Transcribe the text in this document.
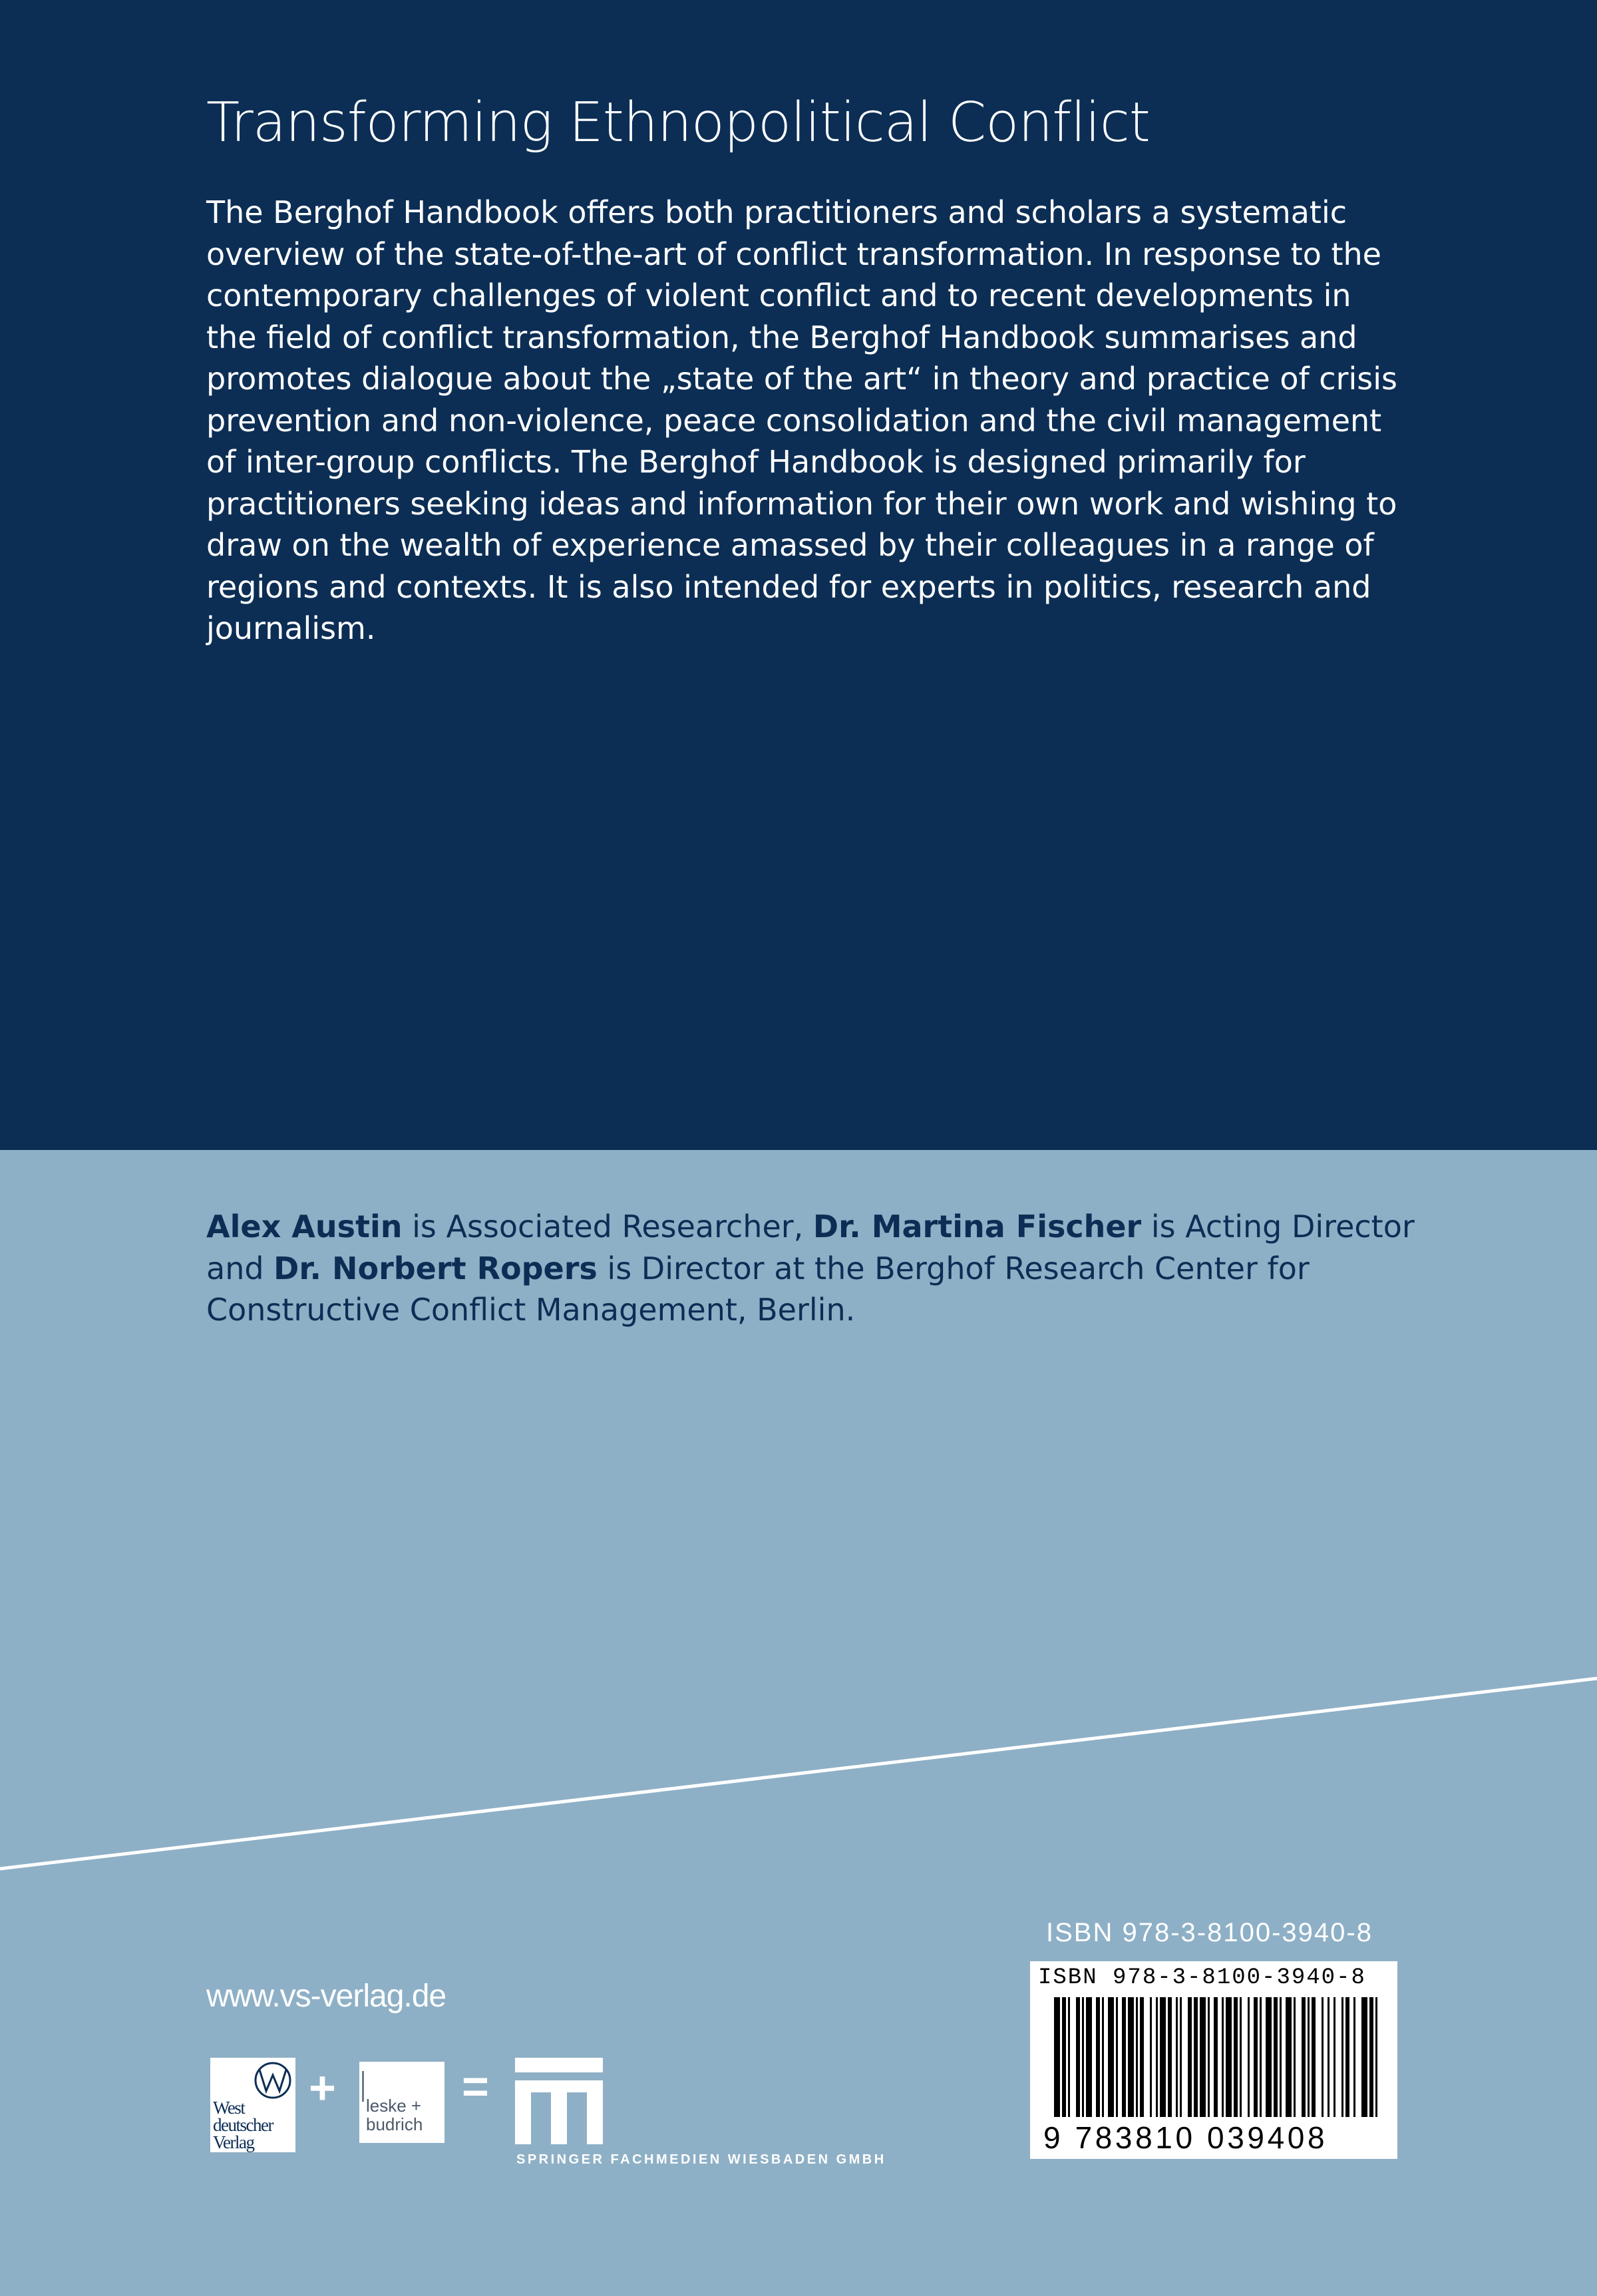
Transforming Ethnopolitical Conflict
The Berghof Handbook offers both practitioners and scholars a systematic overview of the state-of-the-art of conflict transformation. In response to the contemporary challenges of violent conflict and to recent developments in the field of conflict transformation, the Berghof Handbook summarises and promotes dialogue about the „state of the art“ in theory and practice of crisis prevention and non-violence, peace consolidation and the civil management of inter-group conflicts. The Berghof Handbook is designed primarily for practitioners seeking ideas and information for their own work and wishing to draw on the wealth of experience amassed by their colleagues in a range of regions and contexts. It is also intended for experts in politics, research and journalism.
Alex Austin is Associated Researcher, Dr. Martina Fischer is Acting Director and Dr. Norbert Ropers is Director at the Berghof Research Center for Constructive Conflict Management, Berlin.
www.vs-verlag.de
West deutscher Verlag
+ leske + budrich
=
SPRINGER FACHMEDIEN WIESBADEN GMBH
ISBN 978-3-8100-3940-8
ISBN 978-3-8100-3940-8
9 783810 039408
